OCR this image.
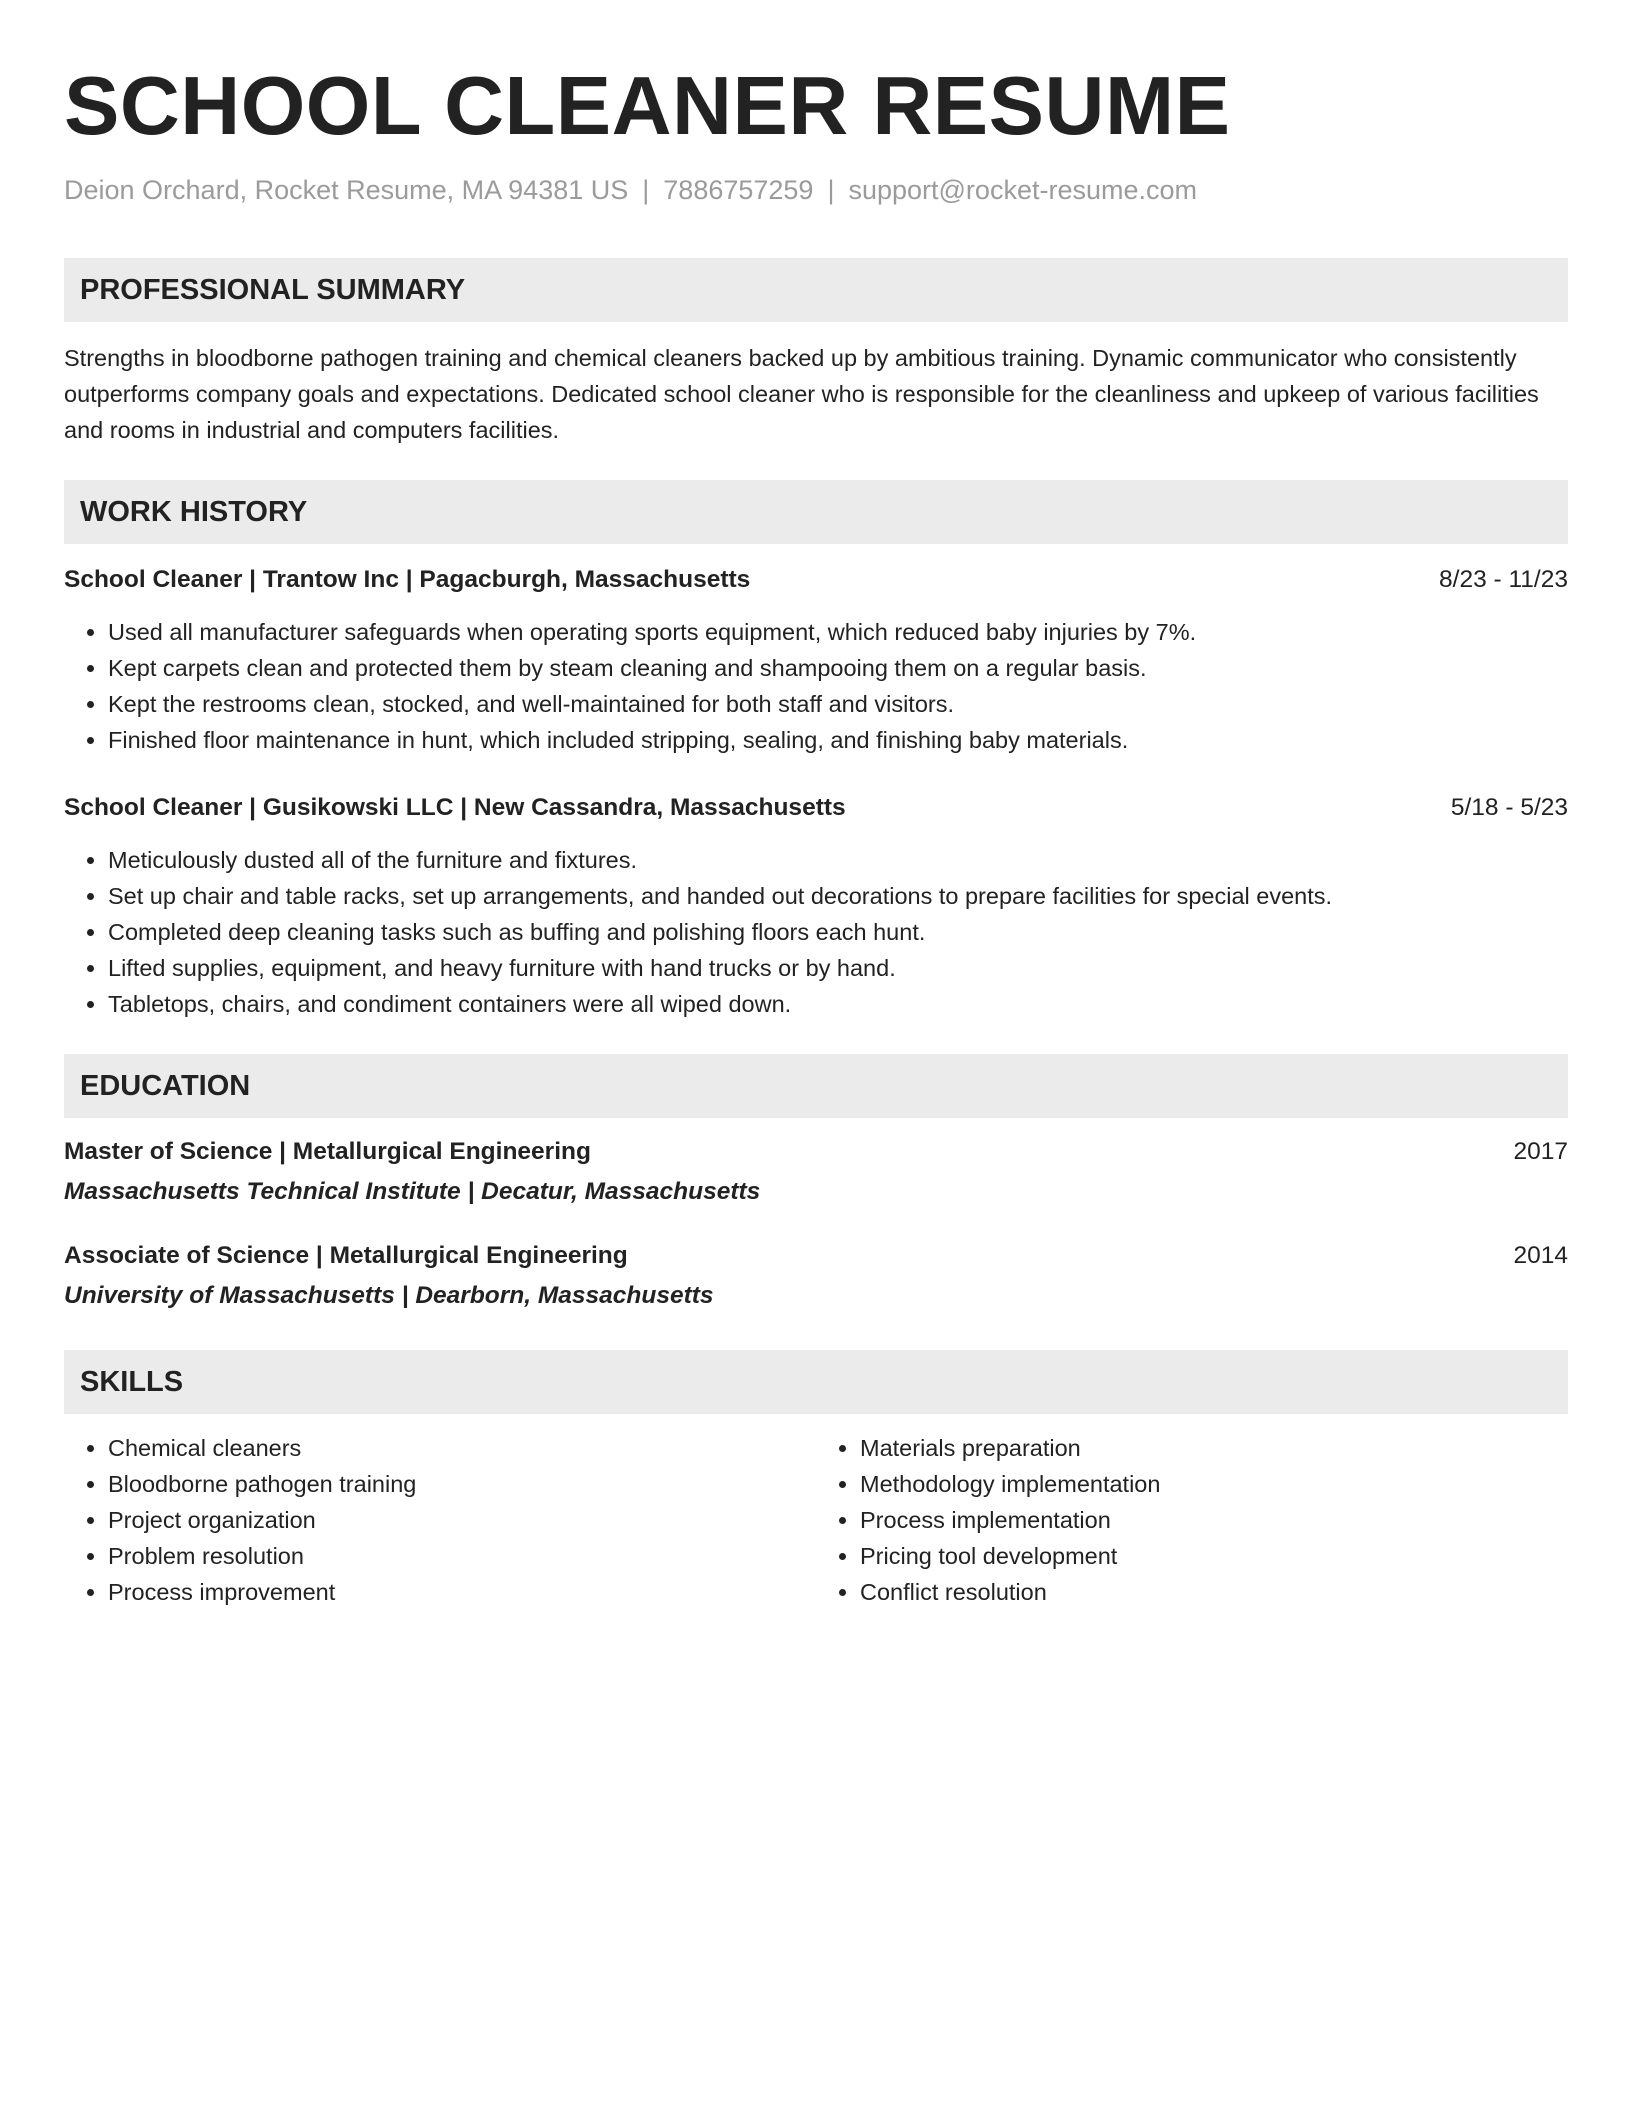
SCHOOL CLEANER RESUME
Deion Orchard, Rocket Resume, MA 94381 US | 7886757259 | support@rocket-resume.com
PROFESSIONAL SUMMARY

Strengths in bloodborne pathogen training and chemical cleaners backed up by ambitious training. Dynamic communicator who consistently outperforms company goals and expectations. Dedicated school cleaner who is responsible for the cleanliness and upkeep of various facilities and rooms in industrial and computers facilities.

WORK HISTORY
School Cleaner | Trantow Inc | Pagacburgh, Massachusetts	8/23 - 11/23
• Used all manufacturer safeguards when operating sports equipment, which reduced baby injuries by 7%.
• Kept carpets clean and protected them by steam cleaning and shampooing them on a regular basis.
• Kept the restrooms clean, stocked, and well-maintained for both staff and visitors.
• Finished floor maintenance in hunt, which included stripping, sealing, and finishing baby materials.
School Cleaner | Gusikowski LLC | New Cassandra, Massachusetts	5/18 - 5/23
• Meticulously dusted all of the furniture and fixtures.
• Set up chair and table racks, set up arrangements, and handed out decorations to prepare facilities for special events.
• Completed deep cleaning tasks such as buffing and polishing floors each hunt.
• Lifted supplies, equipment, and heavy furniture with hand trucks or by hand.
• Tabletops, chairs, and condiment containers were all wiped down.
EDUCATION
Master of Science | Metallurgical Engineering	2017
Massachusetts Technical Institute | Decatur, Massachusetts
Associate of Science | Metallurgical Engineering	2014
University of Massachusetts | Dearborn, Massachusetts
SKILLS
• Chemical cleaners
• Bloodborne pathogen training
• Project organization
• Problem resolution
• Process improvement
• Materials preparation
• Methodology implementation
• Process implementation
• Pricing tool development
• Conflict resolution
